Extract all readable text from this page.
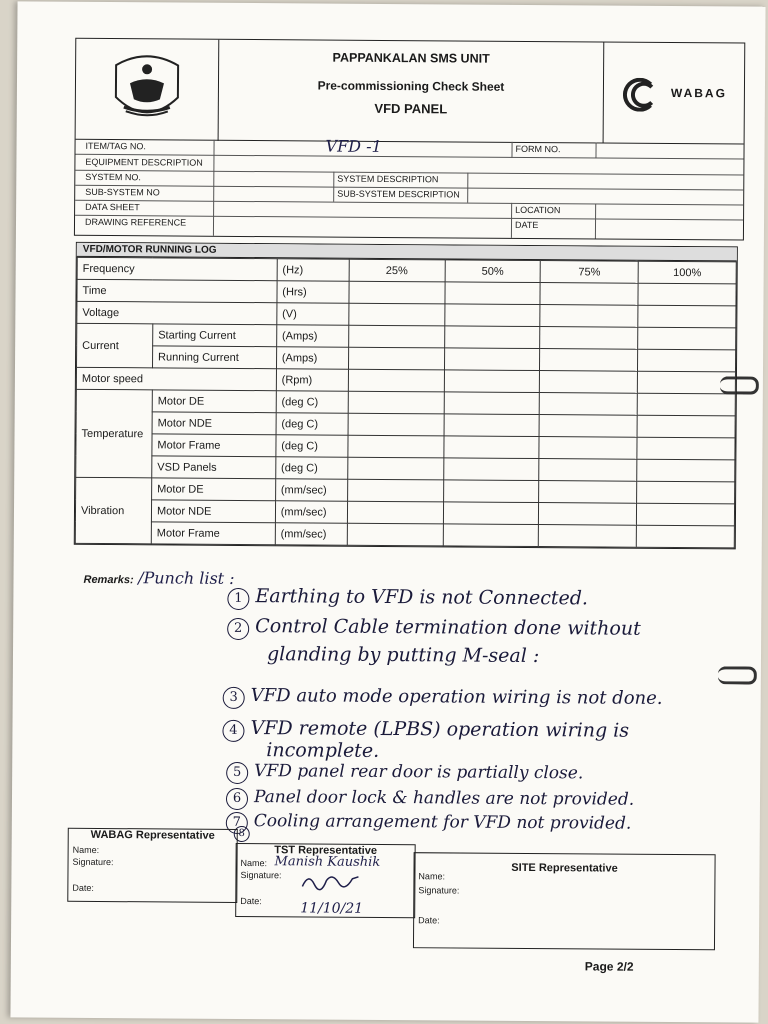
PAPPANKALAN SMS UNIT
Pre-commissioning Check Sheet
VFD PANEL
WABAG
ITEM/TAG NO.	VFD -1	FORM NO.
EQUIPMENT DESCRIPTION
SYSTEM NO.	SYSTEM DESCRIPTION
SUB-SYSTEM NO	SUB-SYSTEM DESCRIPTION
DATA SHEET	LOCATION
DRAWING REFERENCE	DATE
VFD/MOTOR RUNNING LOG
Frequency		(Hz)	25%	50%	75%	100%
Time		(Hrs)				
Voltage		(V)				
Current	Starting Current	(Amps)				
	Running Current	(Amps)				
Motor speed		(Rpm)				
Temperature	Motor DE	(deg C)				
	Motor NDE	(deg C)				
	Motor Frame	(deg C)				
	VSD Panels	(deg C)				
Vibration	Motor DE	(mm/sec)				
	Motor NDE	(mm/sec)				
	Motor Frame	(mm/sec)				
Remarks: /Punch list :
1 Earthing to VFD is not Connected.
2 Control Cable termination done without
glanding by putting M-seal :
3 VFD auto mode operation wiring is not done.
4 VFD remote (LPBS) operation wiring is
incomplete.
5 VFD panel rear door is partially close.
6 Panel door lock & handles are not provided.
7 Cooling arrangement for VFD not provided.
8
WABAG Representative
Name:
Signature:
Date:
TST Representative
Name: Manish Kaushik
Signature:
Date:	11/10/21
SITE Representative
Name:
Signature:
Date:
Page 2/2
